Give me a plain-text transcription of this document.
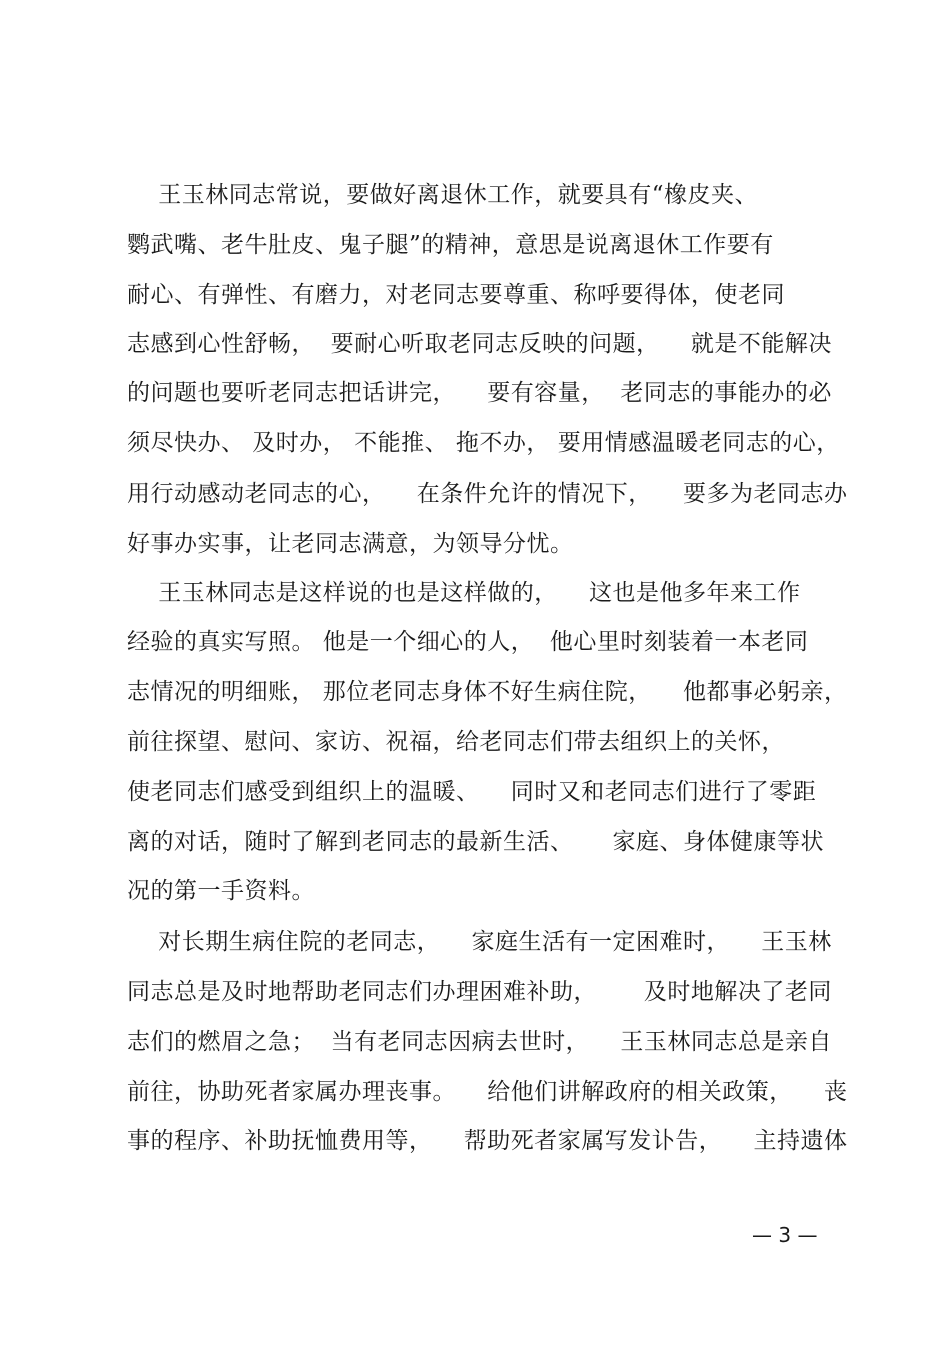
王玉林同志常说，要做好离退休工作，就要具有“橡皮夹、
鹦武嘴、老牛肚皮、鬼子腿”的精神，意思是说离退休工作要有
耐心、有弹性、有磨力，对老同志要尊重、称呼要得体，使老同
志感到心性舒畅，  要耐心听取老同志反映的问题，    就是不能解决
的问题也要听老同志把话讲完，    要有容量，  老同志的事能办的必
须尽快办、 及时办， 不能推、 拖不办， 要用情感温暖老同志的心，
用行动感动老同志的心，    在条件允许的情况下，    要多为老同志办
好事办实事，让老同志满意，为领导分忧。
王玉林同志是这样说的也是这样做的，    这也是他多年来工作
经验的真实写照。 他是一个细心的人，  他心里时刻装着一本老同
志情况的明细账， 那位老同志身体不好生病住院，    他都事必躬亲，
前往探望、慰问、家访、祝福，给老同志们带去组织上的关怀，
使老同志们感受到组织上的温暖、    同时又和老同志们进行了零距
离的对话，随时了解到老同志的最新生活、     家庭、身体健康等状
况的第一手资料。
对长期生病住院的老同志，    家庭生活有一定困难时，    王玉林
同志总是及时地帮助老同志们办理困难补助，      及时地解决了老同
志们的燃眉之急；  当有老同志因病去世时，    王玉林同志总是亲自
前往，协助死者家属办理丧事。    给他们讲解政府的相关政策，    丧
事的程序、补助抚恤费用等，    帮助死者家属写发讣告，    主持遗体
— 3 —
